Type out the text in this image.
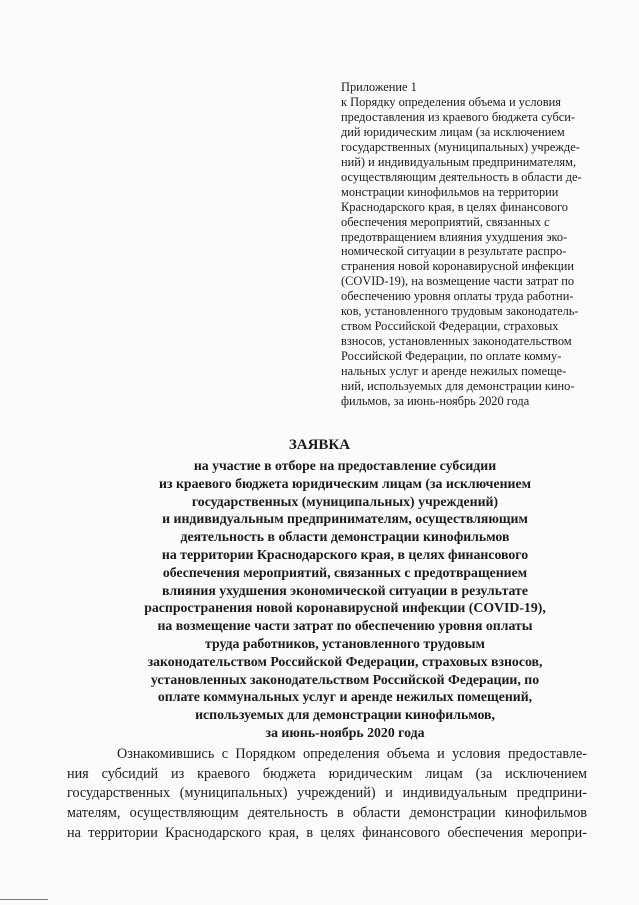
Приложение 1
к Порядку определения объема и условия
предоставления из краевого бюджета субси-
дий юридическим лицам (за исключением
государственных (муниципальных) учрежде-
ний) и индивидуальным предпринимателям,
осуществляющим деятельность в области де-
монстрации кинофильмов на территории
Краснодарского края, в целях финансового
обеспечения мероприятий, связанных с
предотвращением влияния ухудшения эко-
номической ситуации в результате распро-
странения новой коронавирусной инфекции
(COVID-19), на возмещение части затрат по
обеспечению уровня оплаты труда работни-
ков, установленного трудовым законодатель-
ством Российской Федерации, страховых
взносов, установленных законодательством
Российской Федерации, по оплате комму-
нальных услуг и аренде нежилых помеще-
ний, используемых для демонстрации кино-
фильмов, за июнь-ноябрь 2020 года
ЗАЯВКА
на участие в отборе на предоставление субсидии
из краевого бюджета юридическим лицам (за исключением
государственных (муниципальных) учреждений)
и индивидуальным предпринимателям, осуществляющим
деятельность в области демонстрации кинофильмов
на территории Краснодарского края, в целях финансового
обеспечения мероприятий, связанных с предотвращением
влияния ухудшения экономической ситуации в результате
распространения новой коронавирусной инфекции (COVID-19),
на возмещение части затрат по обеспечению уровня оплаты
труда работников, установленного трудовым
законодательством Российской Федерации, страховых взносов,
установленных законодательством Российской Федерации, по
оплате коммунальных услуг и аренде нежилых помещений,
используемых для демонстрации кинофильмов,
за июнь-ноябрь 2020 года
Ознакомившись с Порядком определения объема и условия предоставле-
ния субсидий из краевого бюджета юридическим лицам (за исключением
государственных (муниципальных) учреждений) и индивидуальным предприни-
мателям, осуществляющим деятельность в области демонстрации кинофильмов
на территории Краснодарского края, в целях финансового обеспечения меропри-
